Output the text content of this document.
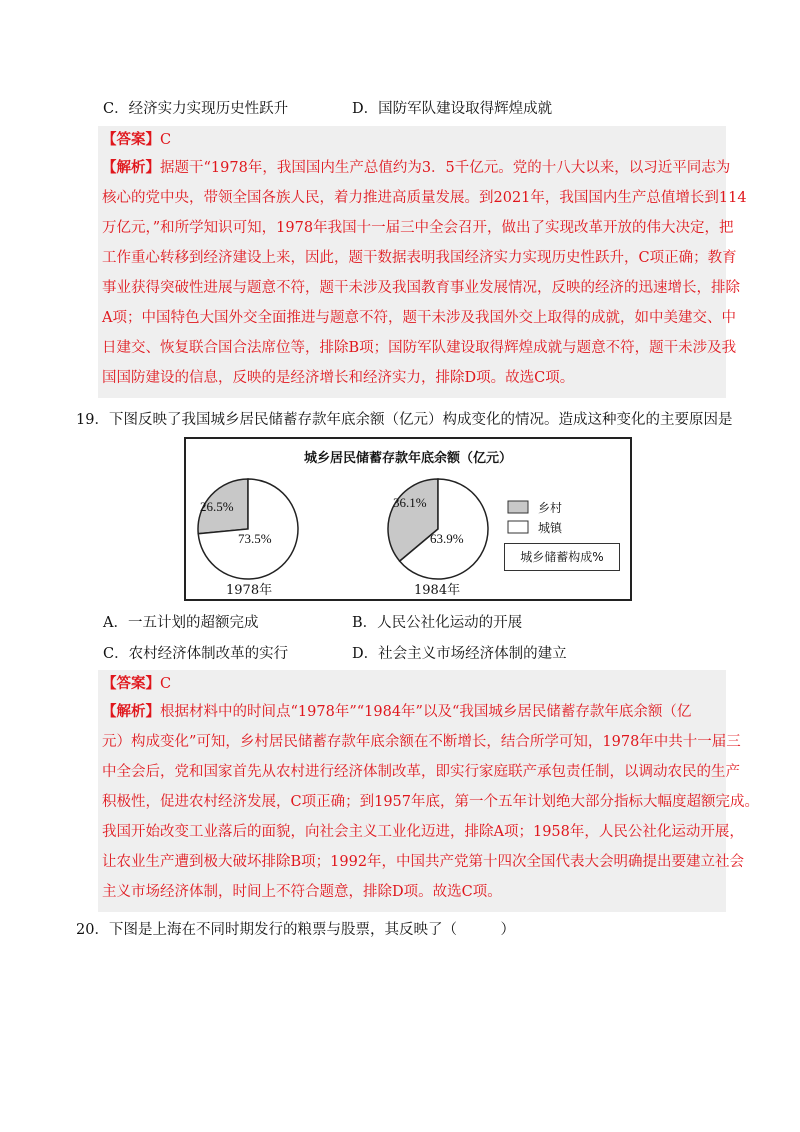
C．经济实力实现历史性跃升	D．国防军队建设取得辉煌成就
【答案】C
【解析】据题干“1978年，我国国内生产总值约为3．5千亿元。党的十八大以来，以习近平同志为
核心的党中央，带领全国各族人民，着力推进高质量发展。到2021年，我国国内生产总值增长到114
万亿元，”和所学知识可知，1978年我国十一届三中全会召开，做出了实现改革开放的伟大决定，把
工作重心转移到经济建设上来，因此，题干数据表明我国经济实力实现历史性跃升，C项正确；教育
事业获得突破性进展与题意不符，题干未涉及我国教育事业发展情况，反映的经济的迅速增长，排除
A项；中国特色大国外交全面推进与题意不符，题干未涉及我国外交上取得的成就，如中美建交、中
日建交、恢复联合国合法席位等，排除B项；国防军队建设取得辉煌成就与题意不符，题干未涉及我
国国防建设的信息，反映的是经济增长和经济实力，排除D项。故选C项。
19．下图反映了我国城乡居民储蓄存款年底余额（亿元）构成变化的情况。造成这种变化的主要原因是
城乡居民储蓄存款年底余额（亿元）
26.5%
73.5%
36.1%
63.9%
1978年	1984年
乡村
城镇
城乡储蓄构成%
A．一五计划的超额完成	B．人民公社化运动的开展
C．农村经济体制改革的实行	D．社会主义市场经济体制的建立
【答案】C
【解析】根据材料中的时间点“1978年”“1984年”以及“我国城乡居民储蓄存款年底余额（亿
元）构成变化”可知，乡村居民储蓄存款年底余额在不断增长，结合所学可知，1978年中共十一届三
中全会后，党和国家首先从农村进行经济体制改革，即实行家庭联产承包责任制，以调动农民的生产
积极性，促进农村经济发展，C项正确；到1957年底，第一个五年计划绝大部分指标大幅度超额完成。
我国开始改变工业落后的面貌，向社会主义工业化迈进，排除A项；1958年，人民公社化运动开展，
让农业生产遭到极大破坏排除B项；1992年，中国共产党第十四次全国代表大会明确提出要建立社会
主义市场经济体制，时间上不符合题意，排除D项。故选C项。
20．下图是上海在不同时期发行的粮票与股票，其反映了（　　　）
